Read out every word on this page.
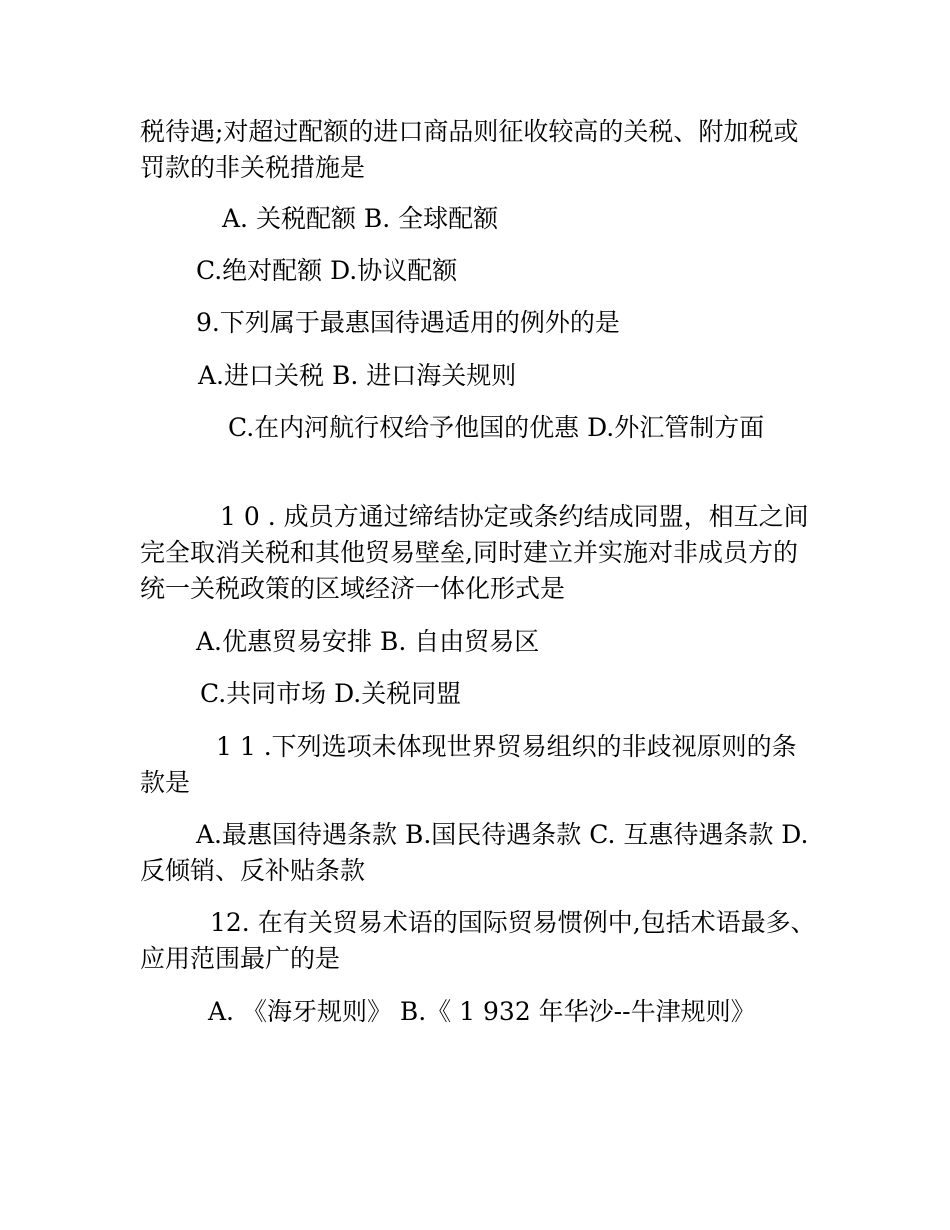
税待遇;对超过配额的进口商品则征收较高的关税、附加税或罚款的非关税措施是

A. 关税配额 B. 全球配额

C.绝对配额 D.协议配额

9.下列属于最惠国待遇适用的例外的是

A.进口关税 B. 进口海关规则

C.在内河航行权给予他国的优惠 D.外汇管制方面

1 0 . 成员方通过缔结协定或条约结成同盟，相互之间完全取消关税和其他贸易壁垒,同时建立并实施对非成员方的统一关税政策的区域经济一体化形式是

A.优惠贸易安排 B. 自由贸易区

C.共同市场 D.关税同盟

1 1 .下列选项未体现世界贸易组织的非歧视原则的条款是

A.最惠国待遇条款 B.国民待遇条款 C. 互惠待遇条款 D. 反倾销、反补贴条款

12. 在有关贸易术语的国际贸易惯例中,包括术语最多、应用范围最广的是

A. 《海牙规则》 B.《 1 932 年华沙--牛津规则》
